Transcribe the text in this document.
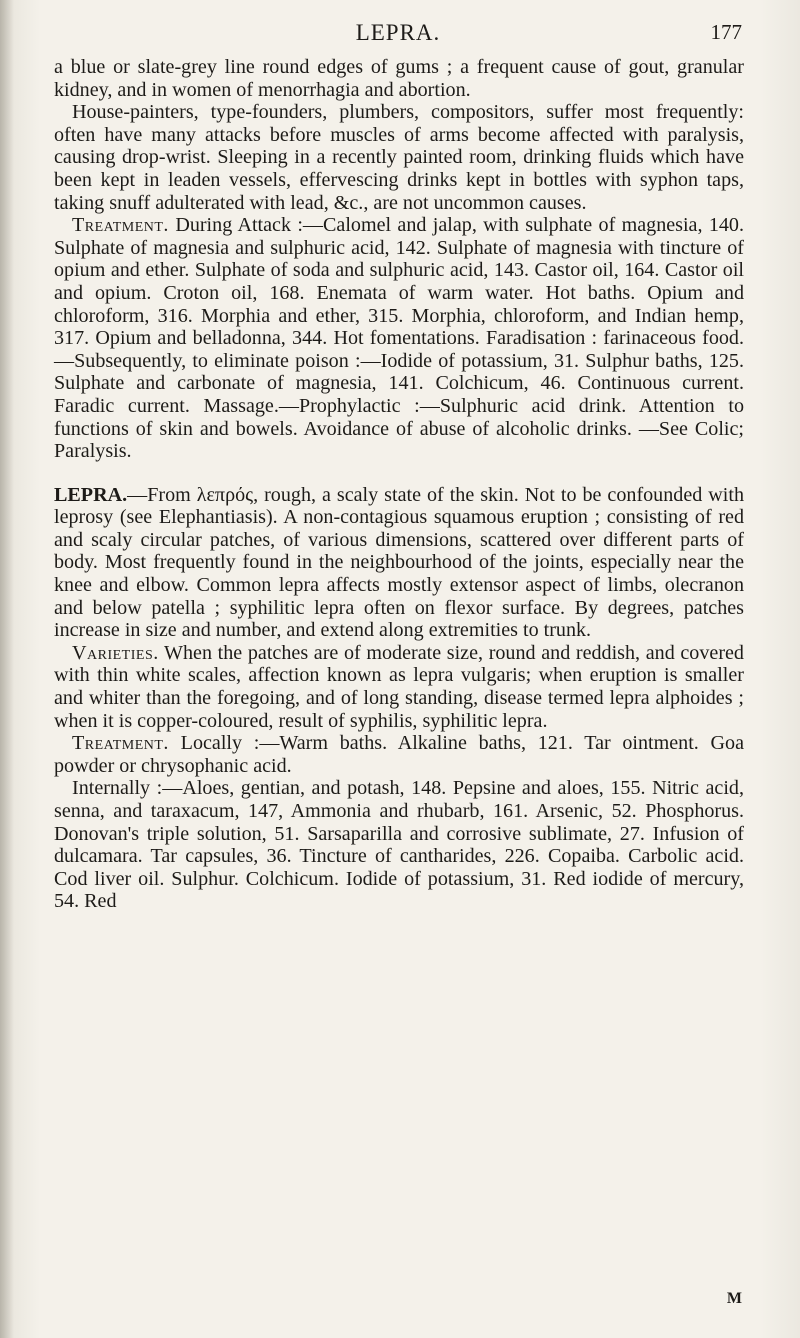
LEPRA.	177

a blue or slate-grey line round edges of gums ; a frequent cause of gout, granular kidney, and in women of menorrhagia and abortion.

House-painters, type-founders, plumbers, compositors, suffer most frequently: often have many attacks before muscles of arms become affected with paralysis, causing drop-wrist. Sleeping in a recently painted room, drinking fluids which have been kept in leaden vessels, effervescing drinks kept in bottles with syphon taps, taking snuff adulterated with lead, &c., are not uncommon causes.

Treatment. During Attack :—Calomel and jalap, with sulphate of magnesia, 140. Sulphate of magnesia and sulphuric acid, 142. Sulphate of magnesia with tincture of opium and ether. Sulphate of soda and sulphuric acid, 143. Castor oil, 164. Castor oil and opium. Croton oil, 168. Enemata of warm water. Hot baths. Opium and chloroform, 316. Morphia and ether, 315. Morphia, chloroform, and Indian hemp, 317. Opium and belladonna, 344. Hot fomentations. Faradisation : farinaceous food.—Subsequently, to eliminate poison :—Iodide of potassium, 31. Sulphur baths, 125. Sulphate and carbonate of magnesia, 141. Colchicum, 46. Continuous current. Faradic current. Massage.—Prophylactic :—Sulphuric acid drink. Attention to functions of skin and bowels. Avoidance of abuse of alcoholic drinks. —See Colic; Paralysis.

LEPRA.—From λεπρός, rough, a scaly state of the skin. Not to be confounded with leprosy (see Elephantiasis). A non-contagious squamous eruption ; consisting of red and scaly circular patches, of various dimensions, scattered over different parts of body. Most frequently found in the neighbourhood of the joints, especially near the knee and elbow. Common lepra affects mostly extensor aspect of limbs, olecranon and below patella ; syphilitic lepra often on flexor surface. By degrees, patches increase in size and number, and extend along extremities to trunk.

Varieties. When the patches are of moderate size, round and reddish, and covered with thin white scales, affection known as lepra vulgaris; when eruption is smaller and whiter than the foregoing, and of long standing, disease termed lepra alphoides ; when it is copper-coloured, result of syphilis, syphilitic lepra.

Treatment. Locally :—Warm baths. Alkaline baths, 121. Tar ointment. Goa powder or chrysophanic acid.

Internally :—Aloes, gentian, and potash, 148. Pepsine and aloes, 155. Nitric acid, senna, and taraxacum, 147, Ammonia and rhubarb, 161. Arsenic, 52. Phosphorus. Donovan's triple solution, 51. Sarsaparilla and corrosive sublimate, 27. Infusion of dulcamara. Tar capsules, 36. Tincture of cantharides, 226. Copaiba. Carbolic acid. Cod liver oil. Sulphur. Colchicum. Iodide of potassium, 31. Red iodide of mercury, 54. Red

M
